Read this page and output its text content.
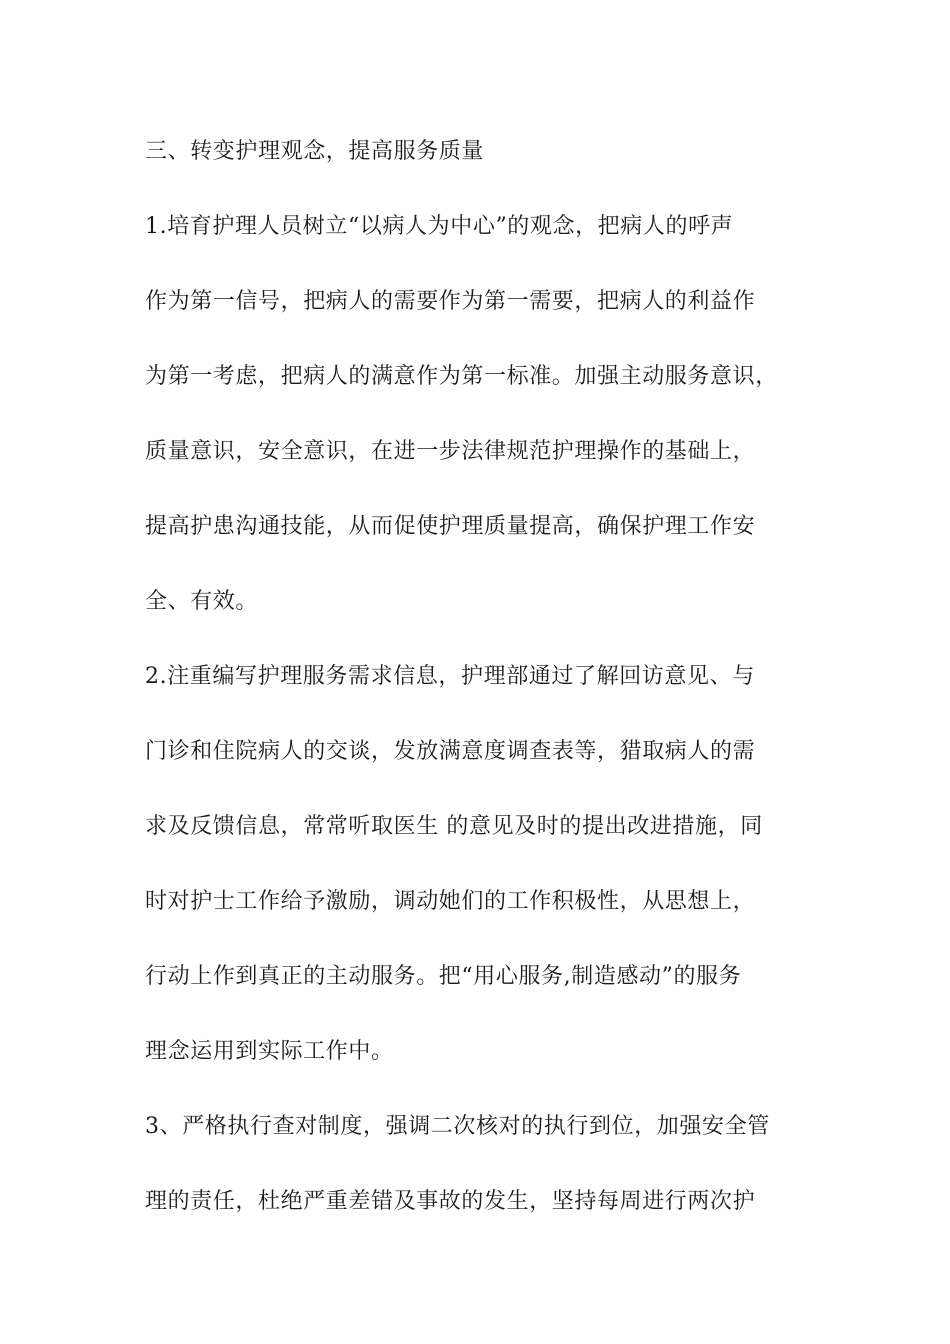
三、转变护理观念，提高服务质量
1.培育护理人员树立“以病人为中心”的观念，把病人的呼声
作为第一信号，把病人的需要作为第一需要，把病人的利益作
为第一考虑，把病人的满意作为第一标准。加强主动服务意识，
质量意识，安全意识，在进一步法律规范护理操作的基础上，
提高护患沟通技能，从而促使护理质量提高，确保护理工作安
全、有效。
2.注重编写护理服务需求信息，护理部通过了解回访意见、与
门诊和住院病人的交谈，发放满意度调查表等，猎取病人的需
求及反馈信息，常常听取医生 的意见及时的提出改进措施，同
时对护士工作给予激励，调动她们的工作积极性，从思想上，
行动上作到真正的主动服务。把“用心服务,制造感动”的服务
理念运用到实际工作中。
3、严格执行查对制度，强调二次核对的执行到位，加强安全管
理的责任，杜绝严重差错及事故的发生，坚持每周进行两次护
